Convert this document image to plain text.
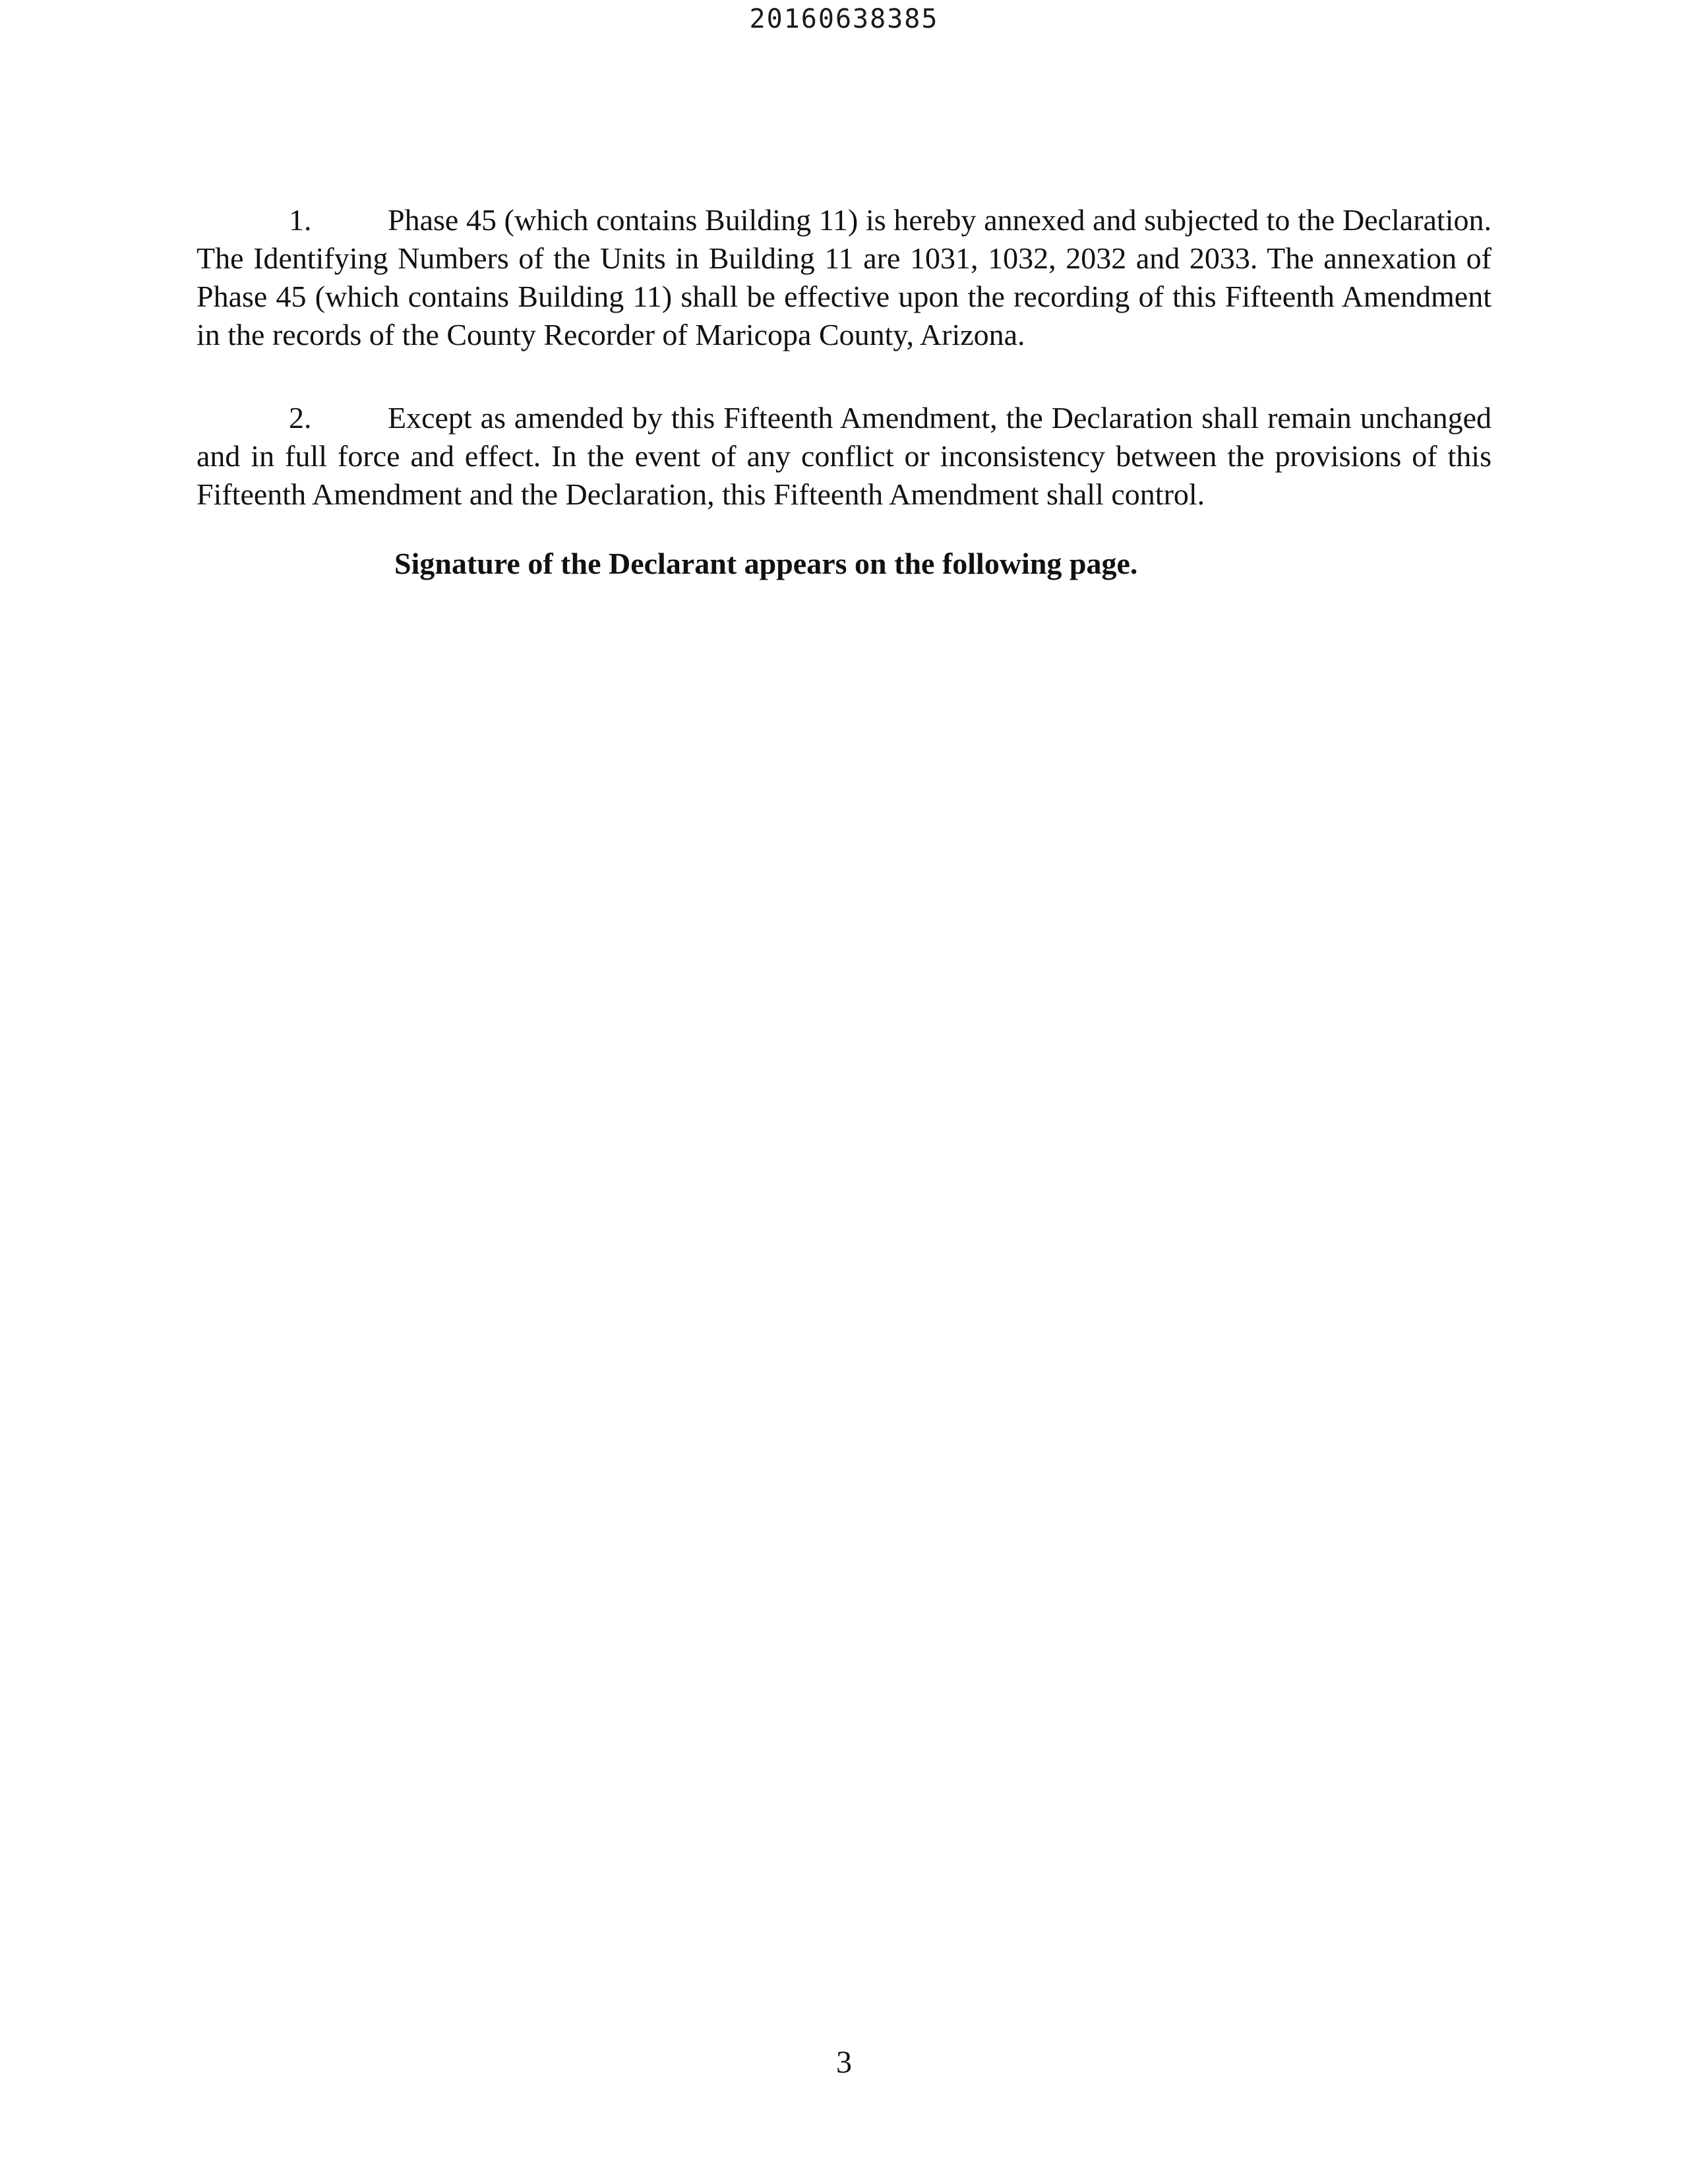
20160638385

1.	Phase 45 (which contains Building 11) is hereby annexed and subjected to the Declaration. The Identifying Numbers of the Units in Building 11 are 1031, 1032, 2032 and 2033. The annexation of Phase 45 (which contains Building 11) shall be effective upon the recording of this Fifteenth Amendment in the records of the County Recorder of Maricopa County, Arizona.

2.	Except as amended by this Fifteenth Amendment, the Declaration shall remain unchanged and in full force and effect. In the event of any conflict or inconsistency between the provisions of this Fifteenth Amendment and the Declaration, this Fifteenth Amendment shall control.

Signature of the Declarant appears on the following page.
3
